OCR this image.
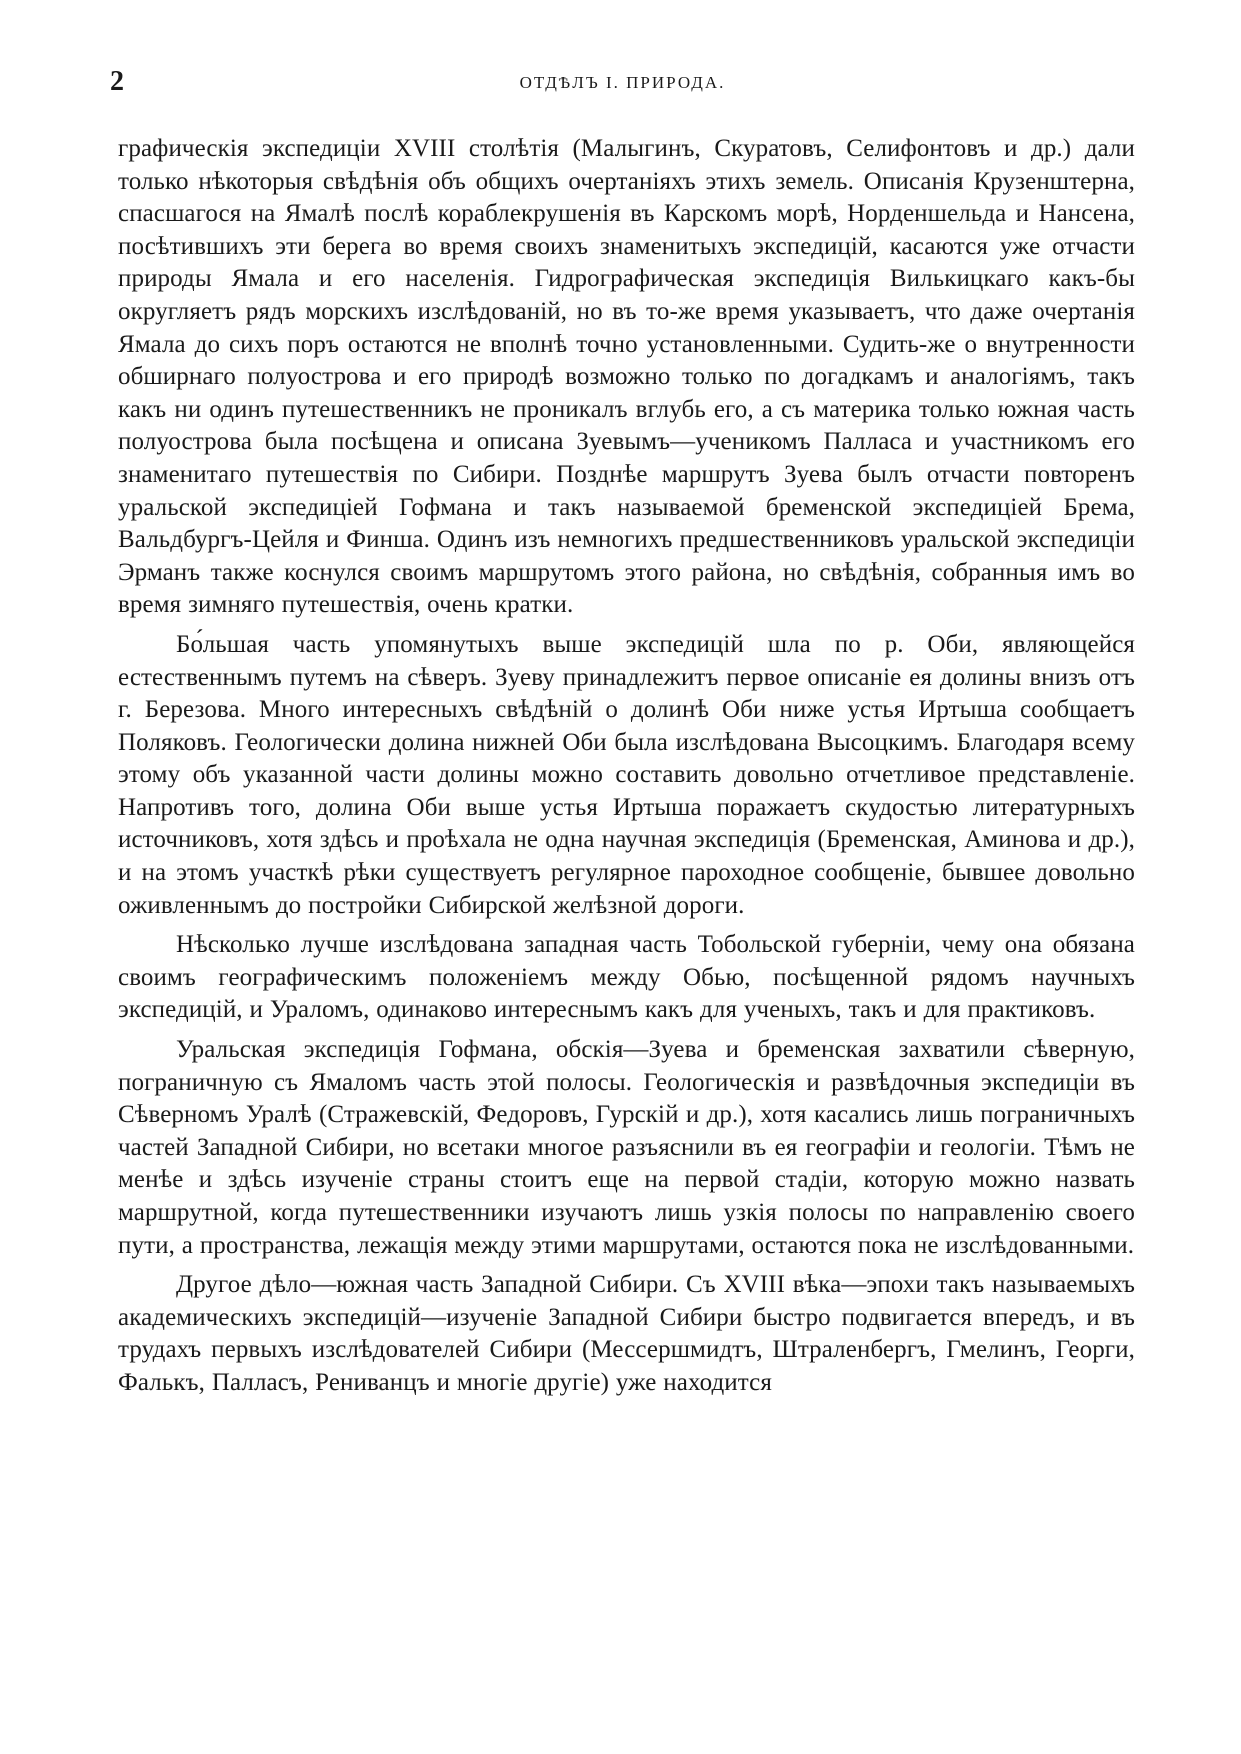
2	ОТДѢЛЪ I. ПРИРОДА.

графическія экспедиціи XVIII столѣтія (Малыгинъ, Скуратовъ, Селифонтовъ и др.) дали только нѣкоторыя свѣдѣнія объ общихъ очертаніяхъ этихъ земель. Описанія Крузенштерна, спасшагося на Ямалѣ послѣ кораблекрушенія въ Карскомъ морѣ, Норденшельда и Нансена, посѣтившихъ эти берега во время своихъ знаменитыхъ экспедицій, касаются уже отчасти природы Ямала и его населенія. Гидрографическая экспедиція Вилькицкаго какъ-бы округляетъ рядъ морскихъ изслѣдованій, но въ то-же время указываетъ, что даже очертанія Ямала до сихъ поръ остаются не вполнѣ точно установленными. Судить-же о внутренности обширнаго полуострова и его природѣ возможно только по догадкамъ и аналогіямъ, такъ какъ ни одинъ путешественникъ не проникалъ вглубь его, а съ материка только южная часть полуострова была посѣщена и описана Зуевымъ—ученикомъ Палласа и участникомъ его знаменитаго путешествія по Сибири. Позднѣе маршрутъ Зуева былъ отчасти повторенъ уральской экспедиціей Гофмана и такъ называемой бременской экспедиціей Брема, Вальдбургъ-Цейля и Финша. Одинъ изъ немногихъ предшественниковъ уральской экспедиціи Эрманъ также коснулся своимъ маршрутомъ этого района, но свѣдѣнія, собранныя имъ во время зимняго путешествія, очень кратки.

Бо́льшая часть упомянутыхъ выше экспедицій шла по р. Оби, являющейся естественнымъ путемъ на сѣверъ. Зуеву принадлежитъ первое описаніе ея долины внизъ отъ г. Березова. Много интересныхъ свѣдѣній о долинѣ Оби ниже устья Иртыша сообщаетъ Поляковъ. Геологически долина нижней Оби была изслѣдована Высоцкимъ. Благодаря всему этому объ указанной части долины можно составить довольно отчетливое представленіе. Напротивъ того, долина Оби выше устья Иртыша поражаетъ скудостью литературныхъ источниковъ, хотя здѣсь и проѣхала не одна научная экспедиція (Бременская, Аминова и др.), и на этомъ участкѣ рѣки существуетъ регулярное пароходное сообщеніе, бывшее довольно оживленнымъ до постройки Сибирской желѣзной дороги.

Нѣсколько лучше изслѣдована западная часть Тобольской губерніи, чему она обязана своимъ географическимъ положеніемъ между Обью, посѣщенной рядомъ научныхъ экспедицій, и Ураломъ, одинаково интереснымъ какъ для ученыхъ, такъ и для практиковъ.

Уральская экспедиція Гофмана, обскія—Зуева и бременская захватили сѣверную, пограничную съ Ямаломъ часть этой полосы. Геологическія и развѣдочныя экспедиціи въ Сѣверномъ Уралѣ (Стражевскій, Федоровъ, Гурскій и др.), хотя касались лишь пограничныхъ частей Западной Сибири, но всетаки многое разъяснили въ ея географіи и геологіи. Тѣмъ не менѣе и здѣсь изученіе страны стоитъ еще на первой стадіи, которую можно назвать маршрутной, когда путешественники изучаютъ лишь узкія полосы по направленію своего пути, а пространства, лежащія между этими маршрутами, остаются пока не изслѣдованными.

Другое дѣло—южная часть Западной Сибири. Съ XVIII вѣка—эпохи такъ называемыхъ академическихъ экспедицій—изученіе Западной Сибири быстро подвигается впередъ, и въ трудахъ первыхъ изслѣдователей Сибири (Мессершмидтъ, Штраленбергъ, Гмелинъ, Георги, Фалькъ, Палласъ, Рениванцъ и многіе другіе) уже находится
